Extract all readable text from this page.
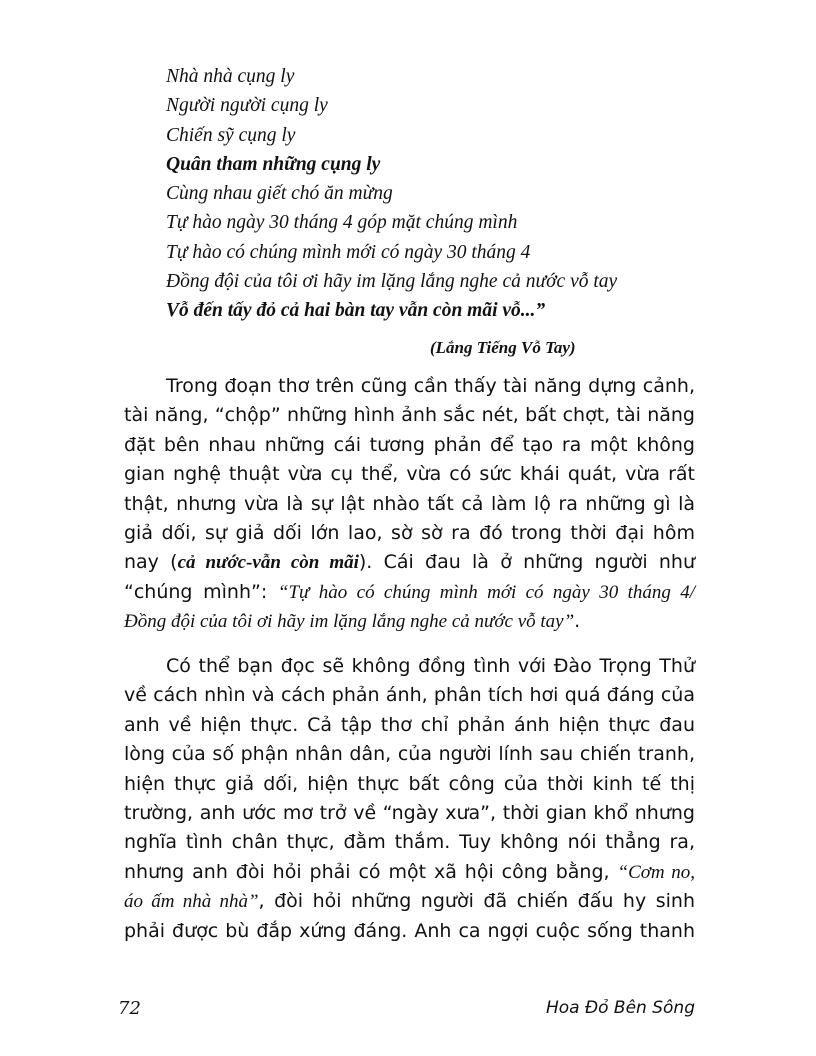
Nhà nhà cụng ly
Người người cụng ly
Chiến sỹ cụng ly
Quân tham những cụng ly
Cùng nhau giết chó ăn mừng
Tự hào ngày 30 tháng 4 góp mặt chúng mình
Tự hào có chúng mình mới có ngày 30 tháng 4
Đồng đội của tôi ơi hãy im lặng lắng nghe cả nước vỗ tay
Vỗ đến tấy đỏ cả hai bàn tay vẫn còn mãi vỗ...”
(Lắng Tiếng Vỗ Tay)
Trong đoạn thơ trên cũng cần thấy tài năng dựng cảnh,
tài năng, “chộp” những hình ảnh sắc nét, bất chợt, tài năng
đặt bên nhau những cái tương phản để tạo ra một không
gian nghệ thuật vừa cụ thể, vừa có sức khái quát, vừa rất
thật, nhưng vừa là sự lật nhào tất cả làm lộ ra những gì là
giả dối, sự giả dối lớn lao, sờ sờ ra đó trong thời đại hôm
nay (cả nước-vẫn còn mãi). Cái đau là ở những người như
“chúng mình”: “Tự hào có chúng mình mới có ngày 30 tháng 4/
Đồng đội của tôi ơi hãy im lặng lắng nghe cả nước vỗ tay”.
Có thể bạn đọc sẽ không đồng tình với Đào Trọng Thử
về cách nhìn và cách phản ánh, phân tích hơi quá đáng của
anh về hiện thực. Cả tập thơ chỉ phản ánh hiện thực đau
lòng của số phận nhân dân, của người lính sau chiến tranh,
hiện thực giả dối, hiện thực bất công của thời kinh tế thị
trường, anh ước mơ trở về “ngày xưa”, thời gian khổ nhưng
nghĩa tình chân thực, đằm thắm. Tuy không nói thẳng ra,
nhưng anh đòi hỏi phải có một xã hội công bằng, “Cơm no,
áo ấm nhà nhà”, đòi hỏi những người đã chiến đấu hy sinh
phải được bù đắp xứng đáng. Anh ca ngợi cuộc sống thanh
72	Hoa Đỏ Bên Sông
